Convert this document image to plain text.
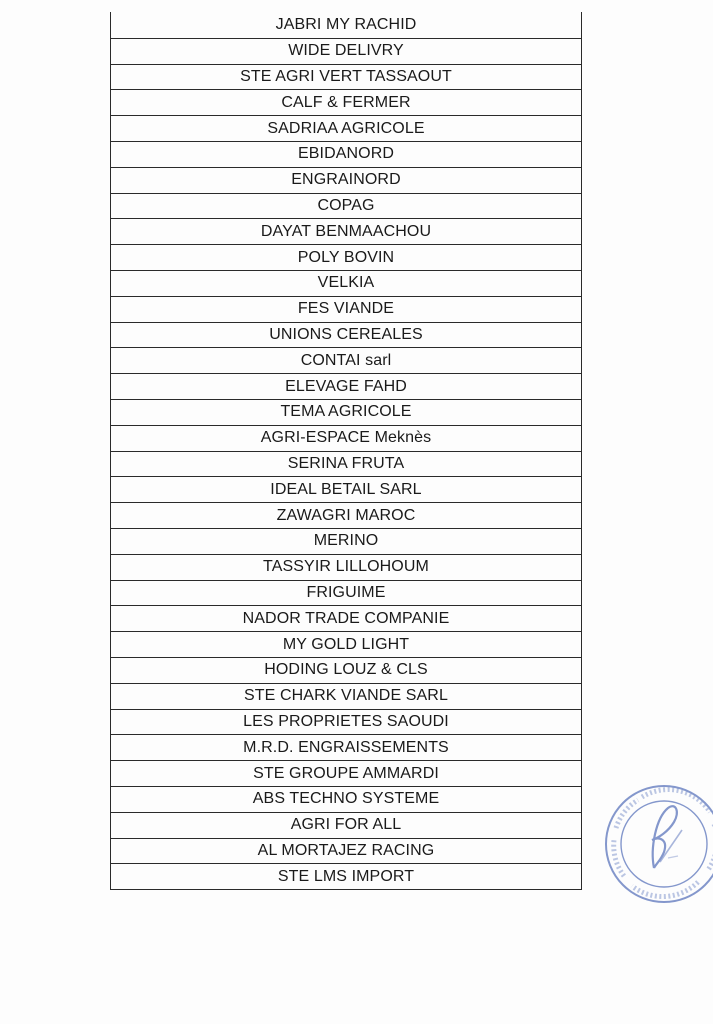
JABRI MY RACHID
WIDE DELIVRY
STE AGRI VERT TASSAOUT
CALF & FERMER
SADRIAA AGRICOLE
EBIDANORD
ENGRAINORD
COPAG
DAYAT BENMAACHOU
POLY BOVIN
VELKIA
FES VIANDE
UNIONS CEREALES
CONTAI sarl
ELEVAGE FAHD
TEMA AGRICOLE
AGRI-ESPACE Meknès
SERINA FRUTA
IDEAL BETAIL SARL
ZAWAGRI MAROC
MERINO
TASSYIR LILLOHOUM
FRIGUIME
NADOR TRADE COMPANIE
MY GOLD LIGHT
HODING LOUZ & CLS
STE CHARK VIANDE SARL
LES PROPRIETES SAOUDI
M.R.D. ENGRAISSEMENTS
STE GROUPE AMMARDI
ABS TECHNO SYSTEME
AGRI FOR ALL
AL MORTAJEZ RACING
STE LMS IMPORT
